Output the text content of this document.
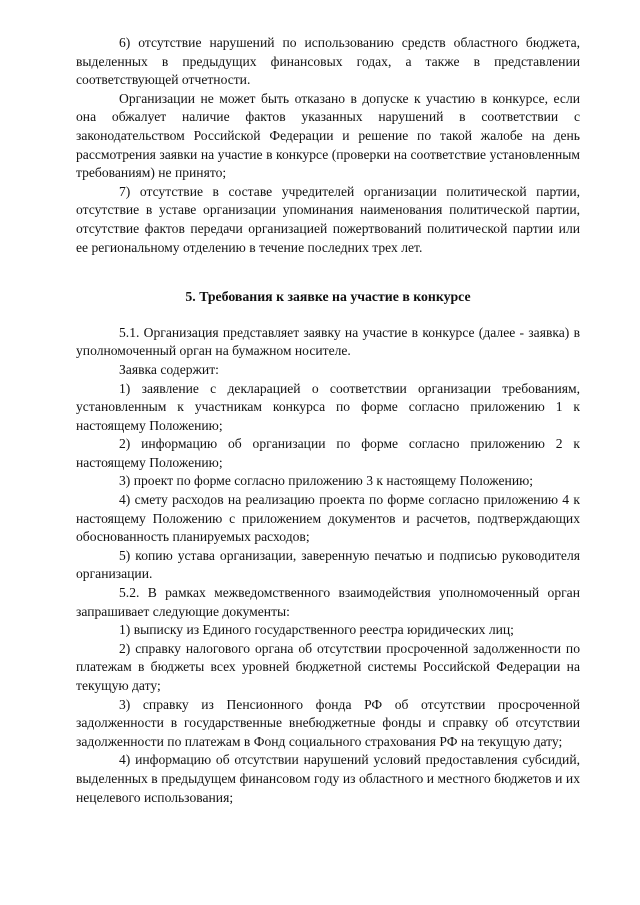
6) отсутствие нарушений по использованию средств областного бюджета, выделенных в предыдущих финансовых годах, а также в представлении соответствующей отчетности.

Организации не может быть отказано в допуске к участию в конкурсе, если она обжалует наличие фактов указанных нарушений в соответствии с законодательством Российской Федерации и решение по такой жалобе на день рассмотрения заявки на участие в конкурсе (проверки на соответствие установленным требованиям) не принято;

7) отсутствие в составе учредителей организации политической партии, отсутствие в уставе организации упоминания наименования политической партии, отсутствие фактов передачи организацией пожертвований политической партии или ее региональному отделению в течение последних трех лет.

5. Требования к заявке на участие в конкурсе

5.1. Организация представляет заявку на участие в конкурсе (далее - заявка) в уполномоченный орган на бумажном носителе.

Заявка содержит:

1) заявление с декларацией о соответствии организации требованиям, установленным к участникам конкурса по форме согласно приложению 1 к настоящему Положению;

2) информацию об организации по форме согласно приложению 2 к настоящему Положению;

3) проект по форме согласно приложению 3 к настоящему Положению;

4) смету расходов на реализацию проекта по форме согласно приложению 4 к настоящему Положению с приложением документов и расчетов, подтверждающих обоснованность планируемых расходов;

5) копию устава организации, заверенную печатью и подписью руководителя организации.

5.2. В рамках межведомственного взаимодействия уполномоченный орган запрашивает следующие документы:

1) выписку из Единого государственного реестра юридических лиц;

2) справку налогового органа об отсутствии просроченной задолженности по платежам в бюджеты всех уровней бюджетной системы Российской Федерации на текущую дату;

3) справку из Пенсионного фонда РФ об отсутствии просроченной задолженности в государственные внебюджетные фонды и справку об отсутствии задолженности по платежам в Фонд социального страхования РФ на текущую дату;

4) информацию об отсутствии нарушений условий предоставления субсидий, выделенных в предыдущем финансовом году из областного и местного бюджетов и их нецелевого использования;
